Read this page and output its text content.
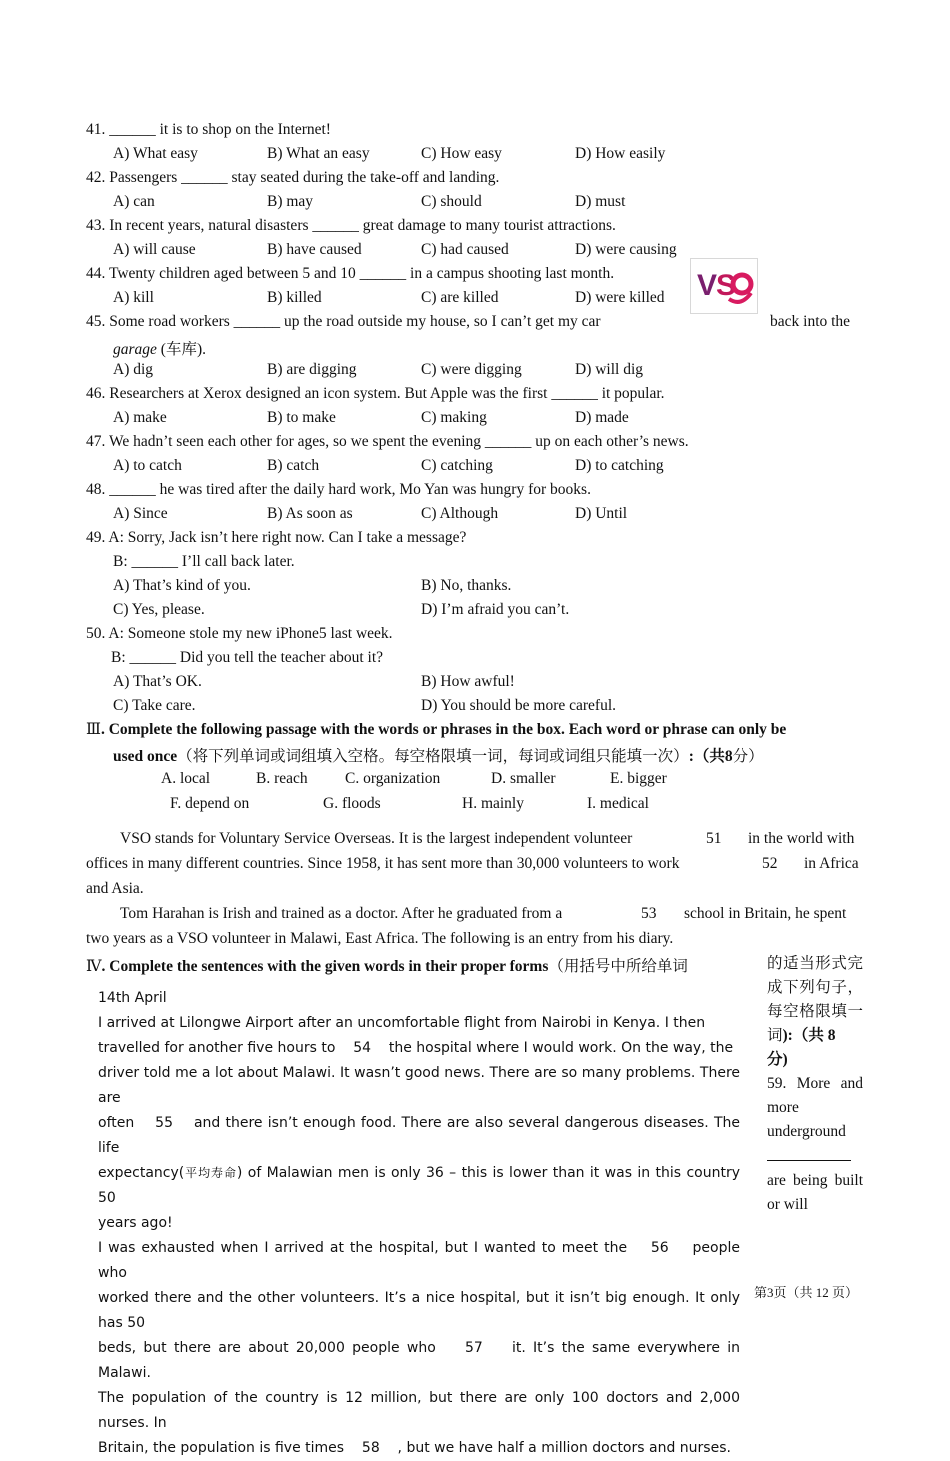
41. ______ it is to shop on the Internet!
A) What easy	B) What an easy	C) How easy	D) How easily
42. Passengers ______ stay seated during the take-off and landing.
A) can	B) may	C) should	D) must
43. In recent years, natural disasters ______ great damage to many tourist attractions.
A) will cause	B) have caused	C) had caused	D) were causing
44. Twenty children aged between 5 and 10 ______ in a campus shooting last month.
A) kill	B) killed	C) are killed	D) were killed V
S
45. Some road workers ______ up the road outside my house, so I can’t get my car	back into the
garage (车库).
A) dig	B) are digging	C) were digging	D) will dig
46. Researchers at Xerox designed an icon system. But Apple was the first ______ it popular.
A) make	B) to make	C) making	D) made
47. We hadn’t seen each other for ages, so we spent the evening ______ up on each other’s news.
A) to catch	B) catch	C) catching	D) to catching
48. ______ he was tired after the daily hard work, Mo Yan was hungry for books.
A) Since	B) As soon as	C) Although	D) Until
49. A: Sorry, Jack isn’t here right now. Can I take a message?
B: ______ I’ll call back later.
A) That’s kind of you.	B) No, thanks.
C) Yes, please.	D) I’m afraid you can’t.
50. A: Someone stole my new iPhone5 last week.
B: ______ Did you tell the teacher about it?
A) That’s OK.	B) How awful!
C) Take care.	D) You should be more careful.
Ⅲ. Complete the following passage with the words or phrases in the box. Each word or phrase can only be
used once（将下列单词或词组填入空格。每空格限填一词，每词或词组只能填一次）:（共8分）
A. local	B. reach C. organization	D. smaller	E. bigger
F. depend on	G. floods	H. mainly	I. medical
VSO stands for Voluntary Service Overseas. It is the largest independent volunteer	51 in the world with
offices in many different countries. Since 1958, it has sent more than 30,000 volunteers to work	52 in Africa
and Asia.
Tom Harahan is Irish and trained as a doctor. After he graduated from a	53 school in Britain, he spent
two years as a VSO volunteer in Malawi, East Africa. The following is an entry from his diary.
Ⅳ. Complete the sentences with the given words in their proper forms（用括号中所给单词	的适当形式完成下列句子，每空格限填一词):（共 8
分)
59. More and more underground

are being built or will
14th April
I arrived at Lilongwe Airport after an uncomfortable flight from Nairobi in Kenya. I then
travelled for another five hours to 54 the hospital where I would work. On the way, the
driver told me a lot about Malawi. It wasn’t good news. There are so many problems. There are
often 55 and there isn’t enough food. There are also several dangerous diseases. The life
expectancy(平均寿命) of Malawian men is only 36 – this is lower than it was in this country 50
years ago!
I was exhausted when I arrived at the hospital, but I wanted to meet the 56 people who
worked there and the other volunteers. It’s a nice hospital, but it isn’t big enough. It only has 50
beds, but there are about 20,000 people who 57 it. It’s the same everywhere in Malawi.
The population of the country is 12 million, but there are only 100 doctors and 2,000 nurses. In
Britain, the population is five times 58 , but we have half a million doctors and nurses.
第3页（共 12 页）
